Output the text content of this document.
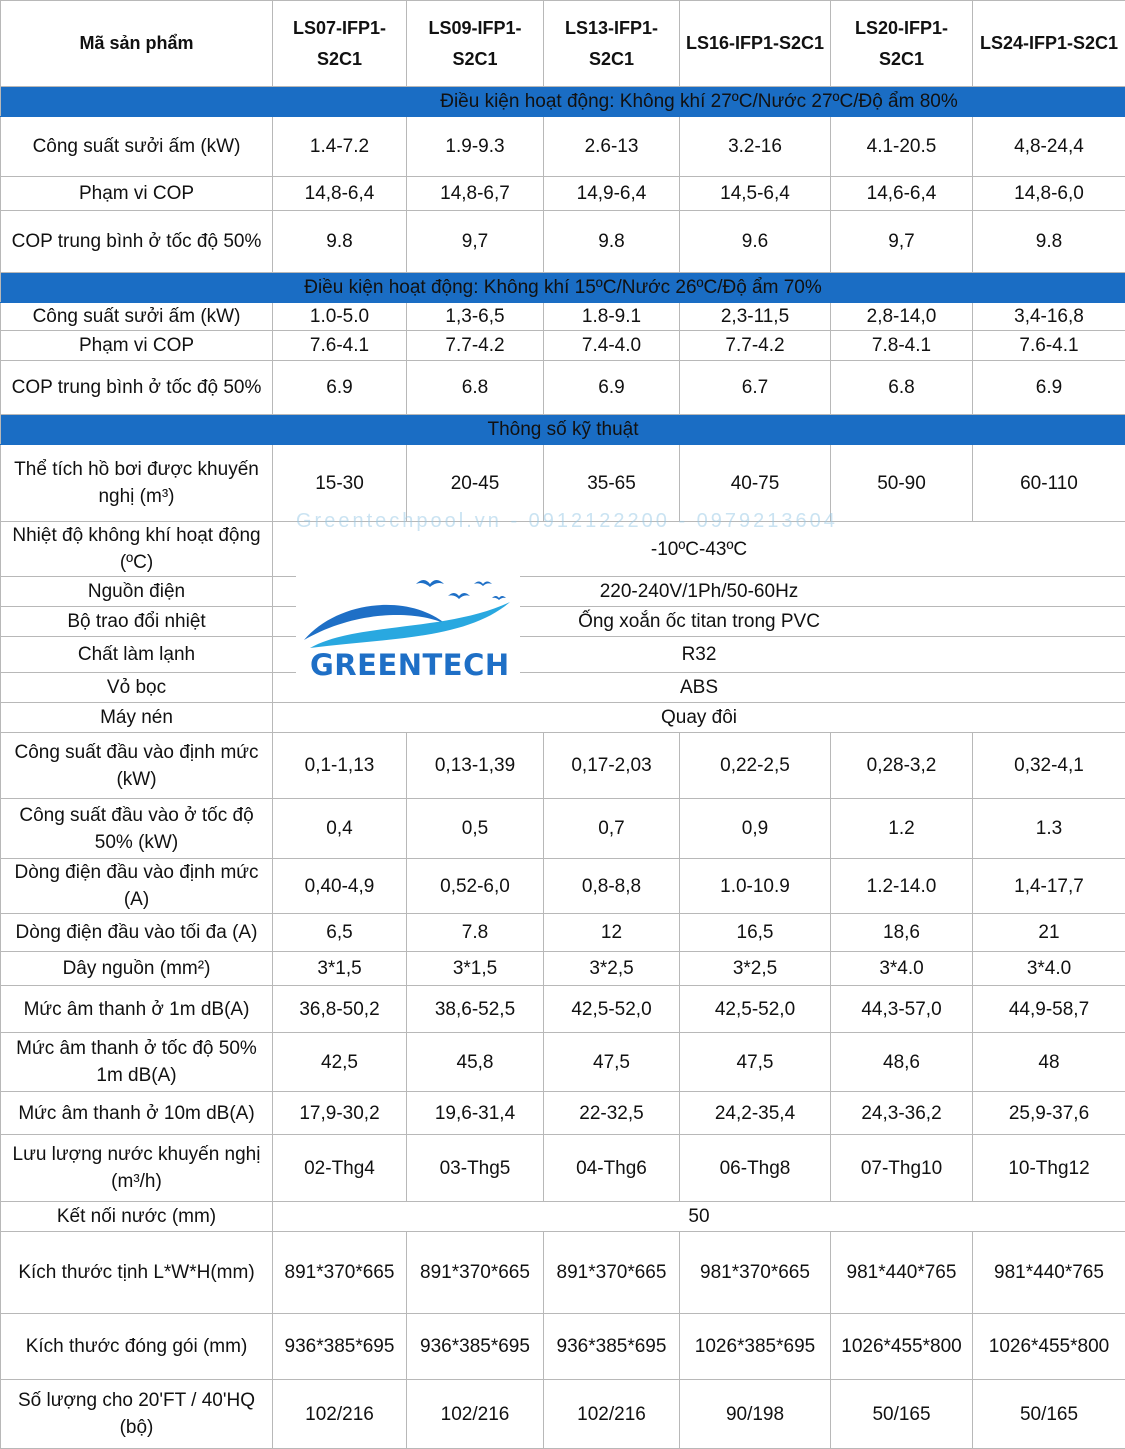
Mã sản phẩm	LS07-IFP1-S2C1	LS09-IFP1-S2C1	LS13-IFP1-S2C1	LS16-IFP1-S2C1	LS20-IFP1-S2C1	LS24-IFP1-S2C1
	Điều kiện hoạt động: Không khí 27ºC/Nước 27ºC/Độ ẩm 80%					
Công suất sưởi ấm (kW)	1.4-7.2	1.9-9.3	2.6-13	3.2-16	4.1-20.5	4,8-24,4
Phạm vi COP	14,8-6,4	14,8-6,7	14,9-6,4	14,5-6,4	14,6-6,4	14,8-6,0
COP trung bình ở tốc độ 50%	9.8	9,7	9.8	9.6	9,7	9.8
Điều kiện hoạt động: Không khí 15ºC/Nước 26ºC/Độ ẩm 70%						
Công suất sưởi ấm (kW)	1.0-5.0	1,3-6,5	1.8-9.1	2,3-11,5	2,8-14,0	3,4-16,8
Phạm vi COP	7.6-4.1	7.7-4.2	7.4-4.0	7.7-4.2	7.8-4.1	7.6-4.1
COP trung bình ở tốc độ 50%	6.9	6.8	6.9	6.7	6.8	6.9
Thông số kỹ thuật						
Thể tích hồ bơi được khuyến nghị (m³)	15-30	20-45	35-65	40-75	50-90	60-110
Nhiệt độ không khí hoạt động (ºC)	-10ºC-43ºC					
Nguồn điện	220-240V/1Ph/50-60Hz					
Bộ trao đổi nhiệt	Ống xoắn ốc titan trong PVC					
Chất làm lạnh	R32					
Vỏ bọc	ABS					
Máy nén	Quay đôi					
Công suất đầu vào định mức (kW)	0,1-1,13	0,13-1,39	0,17-2,03	0,22-2,5	0,28-3,2	0,32-4,1
Công suất đầu vào ở tốc độ 50% (kW)	0,4	0,5	0,7	0,9	1.2	1.3
Dòng điện đầu vào định mức (A)	0,40-4,9	0,52-6,0	0,8-8,8	1.0-10.9	1.2-14.0	1,4-17,7
Dòng điện đầu vào tối đa (A)	6,5	7.8	12	16,5	18,6	21
Dây nguồn (mm²)	3*1,5	3*1,5	3*2,5	3*2,5	3*4.0	3*4.0
Mức âm thanh ở 1m dB(A)	36,8-50,2	38,6-52,5	42,5-52,0	42,5-52,0	44,3-57,0	44,9-58,7
Mức âm thanh ở tốc độ 50% 1m dB(A)	42,5	45,8	47,5	47,5	48,6	48
Mức âm thanh ở 10m dB(A)	17,9-30,2	19,6-31,4	22-32,5	24,2-35,4	24,3-36,2	25,9-37,6
Lưu lượng nước khuyến nghị (m³/h)	02-Thg4	03-Thg5	04-Thg6	06-Thg8	07-Thg10	10-Thg12
Kết nối nước (mm)	50					
Kích thước tịnh L*W*H(mm)	891*370*665	891*370*665	891*370*665	981*370*665	981*440*765	981*440*765
Kích thước đóng gói (mm)	936*385*695	936*385*695	936*385*695	1026*385*695	1026*455*800	1026*455*800
Số lượng cho 20'FT / 40'HQ (bộ)	102/216	102/216	102/216	90/198	50/165	50/165
Greentechpool.vn - 0912122200 - 0979213604
GREENTECH
